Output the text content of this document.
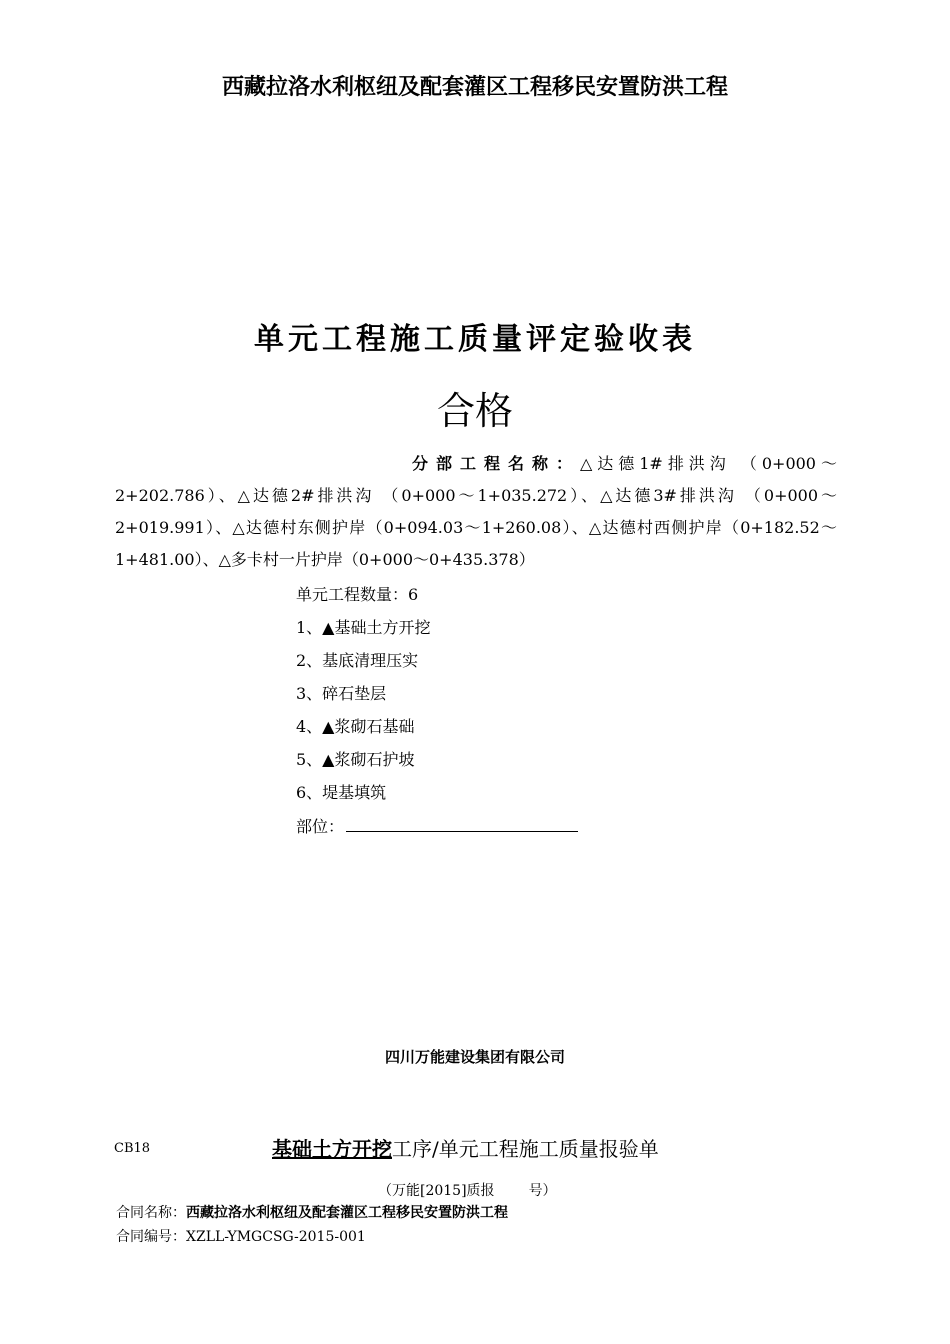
西藏拉洛水利枢纽及配套灌区工程移民安置防洪工程
单元工程施工质量评定验收表
合格
分部工程名称：△达德1#排洪沟 （0+000～2+202.786）、△达德2#排洪沟 （0+000～1+035.272）、△达德3#排洪沟 （0+000～2+019.991）、△达德村东侧护岸（0+094.03～1+260.08）、△达德村西侧护岸（0+182.52～1+481.00）、△多卡村一片护岸（0+000～0+435.378）
单元工程数量：6
1、▲基础土方开挖
2、基底清理压实
3、碎石垫层
4、▲浆砌石基础
5、▲浆砌石护坡
6、堤基填筑
部位：
四川万能建设集团有限公司
CB18	基础土方开挖工序/单元工程施工质量报验单
（万能[2015]质报 号）
合同名称：西藏拉洛水利枢纽及配套灌区工程移民安置防洪工程
合同编号：XZLL-YMGCSG-2015-001
